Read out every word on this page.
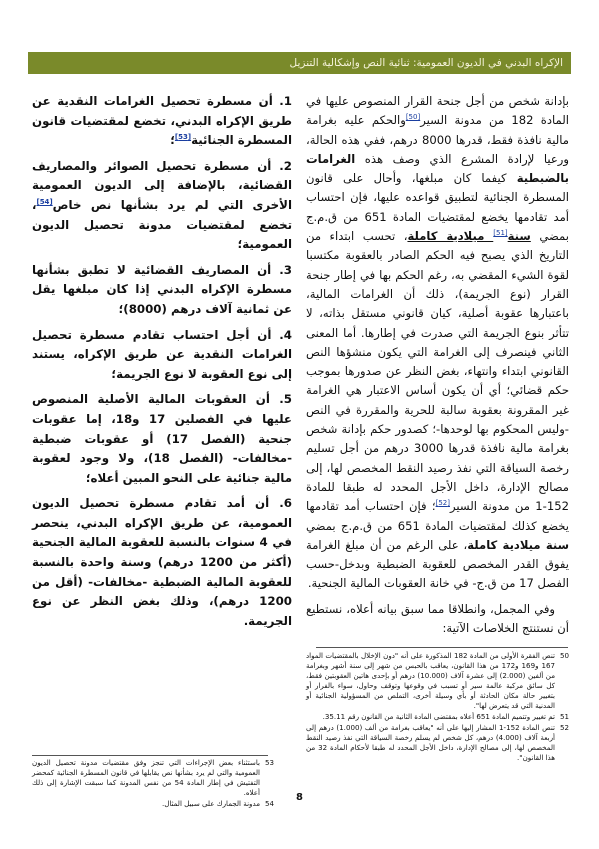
الإكراه البدني في الديون العمومية: ثنائية النص وإشكالية التنزيل

بإدانة شخص من أجل جنحة القرار المنصوص عليها في المادة 182 من مدونة السير[50]والحكم عليه بغرامة مالية نافذة فقط، قدرها 8000 درهم، ففي هذه الحالة، ورعيا لإرادة المشرع الذي وصف هذه الغرامات بالضبطية كيفما كان مبلغها، وأحال على قانون المسطرة الجنائية لتطبيق قواعده عليها، فإن احتساب أمد تقادمها يخضع لمقتضيات المادة 651 من ق.م.ج بمضي سنة[51] ميلادية كاملة، تحسب ابتداء من التاريخ الذي يصبح فيه الحكم الصادر بالعقوبة مكتسبا لقوة الشيء المقضي به، رغم الحكم بها في إطار جنحة القرار (نوع الجريمة)، ذلك أن الغرامات المالية، باعتبارها عقوبة أصلية، كيان قانوني مستقل بذاته، لا تتأثر بنوع الجريمة التي صدرت في إطارها. أما المعنى الثاني فينصرف إلى الغرامة التي يكون منشؤها النص القانوني ابتداء وانتهاء، بغض النظر عن صدورها بموجب حكم قضائي؛ أي أن يكون أساس الاعتبار هي الغرامة غير المقرونة بعقوبة سالبة للحرية والمقررة في النص -وليس المحكوم بها لوحدها-؛ كصدور حكم بإدانة شخص بغرامة مالية نافذة قدرها 3000 درهم من أجل تسليم رخصة السياقة التي نفذ رصيد النقط المخصص لها، إلى مصالح الإدارة، داخل الأجل المحدد له طبقا للمادة 152-1 من مدونة السير[52]؛ فإن احتساب أمد تقادمها يخضع كذلك لمقتضيات المادة 651 من ق.م.ج بمضي سنة ميلادية كاملة، على الرغم من أن مبلغ الغرامة يفوق القدر المخصص للعقوبة الضبطية وبدخل-حسب الفصل 17 من ق.ج- في خانة العقوبات المالية الجنحية.

وفي المجمل، وانطلاقا مما سبق بيانه أعلاه، نستطيع أن نستنتج الخلاصات الآتية:

1. أن مسطرة تحصيل الغرامات النقدية عن طريق الإكراه البدني، تخضع لمقتضيات قانون المسطرة الجنائية[53]؛

2. أن مسطرة تحصيل الصوائر والمصاريف القضائية، بالإضافة إلى الديون العمومية الأخرى التي لم يرد بشأنها نص خاص[54]، تخضع لمقتضيات مدونة تحصيل الديون العمومية؛

3. أن المصاريف القضائية لا تطبق بشأنها مسطرة الإكراه البدني إذا كان مبلغها يقل عن ثمانية آلاف درهم (8000)؛

4. أن أجل احتساب تقادم مسطرة تحصيل الغرامات النقدية عن طريق الإكراه، يستند إلى نوع العقوبة لا نوع الجريمة؛

5. أن العقوبات المالية الأصلية المنصوص عليها في الفصلين 17 و18، إما عقوبات جنحية (الفصل 17) أو عقوبات ضبطية -مخالفات- (الفصل 18)، ولا وجود لعقوبة مالية جنائية على النحو المبين أعلاه؛

6. أن أمد تقادم مسطرة تحصيل الديون العمومية، عن طريق الإكراه البدني، ينحصر في 4 سنوات بالنسبة للعقوبة المالية الجنحية (أكثر من 1200 درهم) وسنة واحدة بالنسبة للعقوبة المالية الضبطية -مخالفات- (أقل من 1200 درهم)، وذلك بغض النظر عن نوع الجريمة.

50
تنص الفقرة الأولى من المادة 182 المذكورة على أنه "دون الإخلال بالمقتضيات المواد 167 و169 و172 من هذا القانون، يعاقب بالحبس من شهر إلى سنة أشهر وبغرامة من ألفين (2.000) إلى عشرة آلاف (10.000) درهم أو بإحدى هاتين العقوبتين فقط، كل سائق مركبة عالمة سير أو تسبب في وقوعها وتوقف وحاول، سواء بالفرار أو بتغيير حالة مكان الحادثة أو بأي وسيلة أخرى، التملص من المسؤولية الجنائية أو المدنية التي قد يتعرض لها".
51
تم تغيير وتتميم المادة 651 أعلاه بمقتضى المادة الثانية من القانون رقم 35.11.
52
تنص المادة 152-1 المشار إليها على أنه "يعاقب بغرامة من ألف (1.000) درهم إلى أربعة آلاف (4.000) درهم، كل شخص لم يسلم رخصة السياقة التي نفذ رصيد النقط المخصص لها، إلى مصالح الإدارة، داخل الأجل المحدد له طبقا لأحكام المادة 32 من هذا القانون".
53
باستثناء بعض الإجراءات التي تنجز وفق مقتضيات مدونة تحصيل الديون العمومية والتي لم يرد بشأنها نص يقابلها في قانون المسطرة الجنائية كمحضر التفتيش في إطار المادة 54 من نفس المدونة كما سبقت الإشارة إلى ذلك أعلاه.
54
مدونة الجمارك على سبيل المثال.
8
